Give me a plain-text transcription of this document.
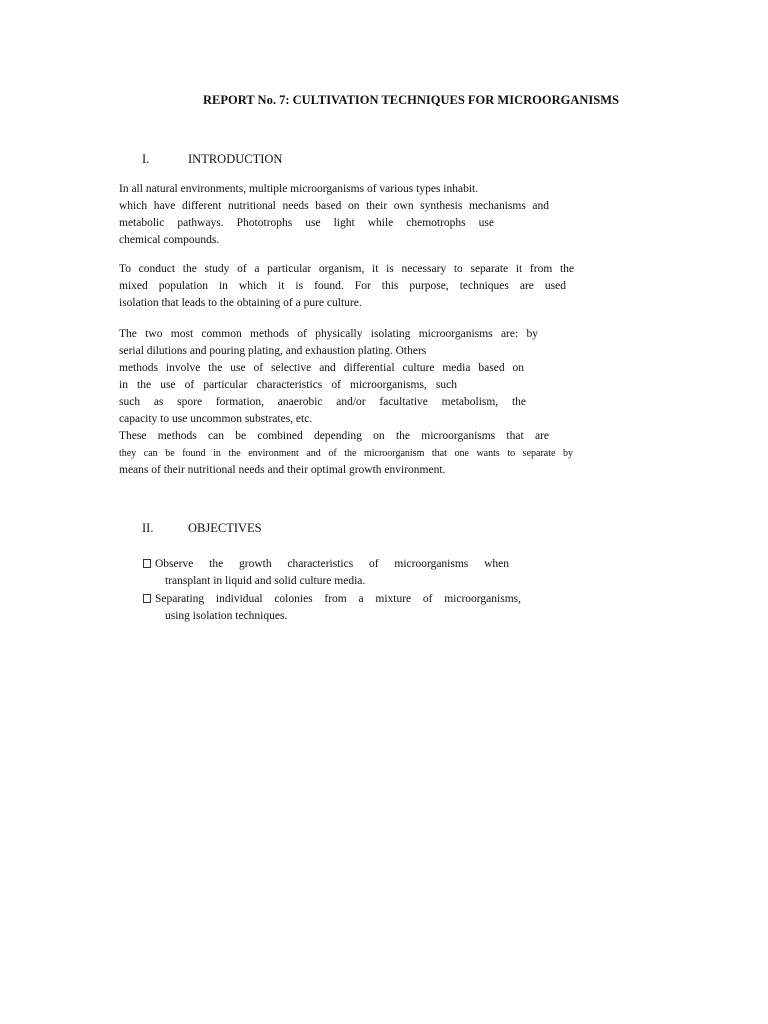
REPORT No. 7: CULTIVATION TECHNIQUES FOR MICROORGANISMS
I.	INTRODUCTION
In all natural environments, multiple microorganisms of various types inhabit.
which have different nutritional needs based on their own synthesis mechanisms and
metabolic pathways. Phototrophs use light while chemotrophs use
chemical compounds.
To conduct the study of a particular organism, it is necessary to separate it from the
mixed population in which it is found. For this purpose, techniques are used
isolation that leads to the obtaining of a pure culture.
The two most common methods of physically isolating microorganisms are: by
serial dilutions and pouring plating, and exhaustion plating. Others
methods involve the use of selective and differential culture media based on
in the use of particular characteristics of microorganisms, such
such as spore formation, anaerobic and/or facultative metabolism, the
capacity to use uncommon substrates, etc.
These methods can be combined depending on the microorganisms that are
they can be found in the environment and of the microorganism that one wants to separate by
means of their nutritional needs and their optimal growth environment.
II.	OBJECTIVES
Observe the growth characteristics of microorganisms when
transplant in liquid and solid culture media.
Separating individual colonies from a mixture of microorganisms,
using isolation techniques.
